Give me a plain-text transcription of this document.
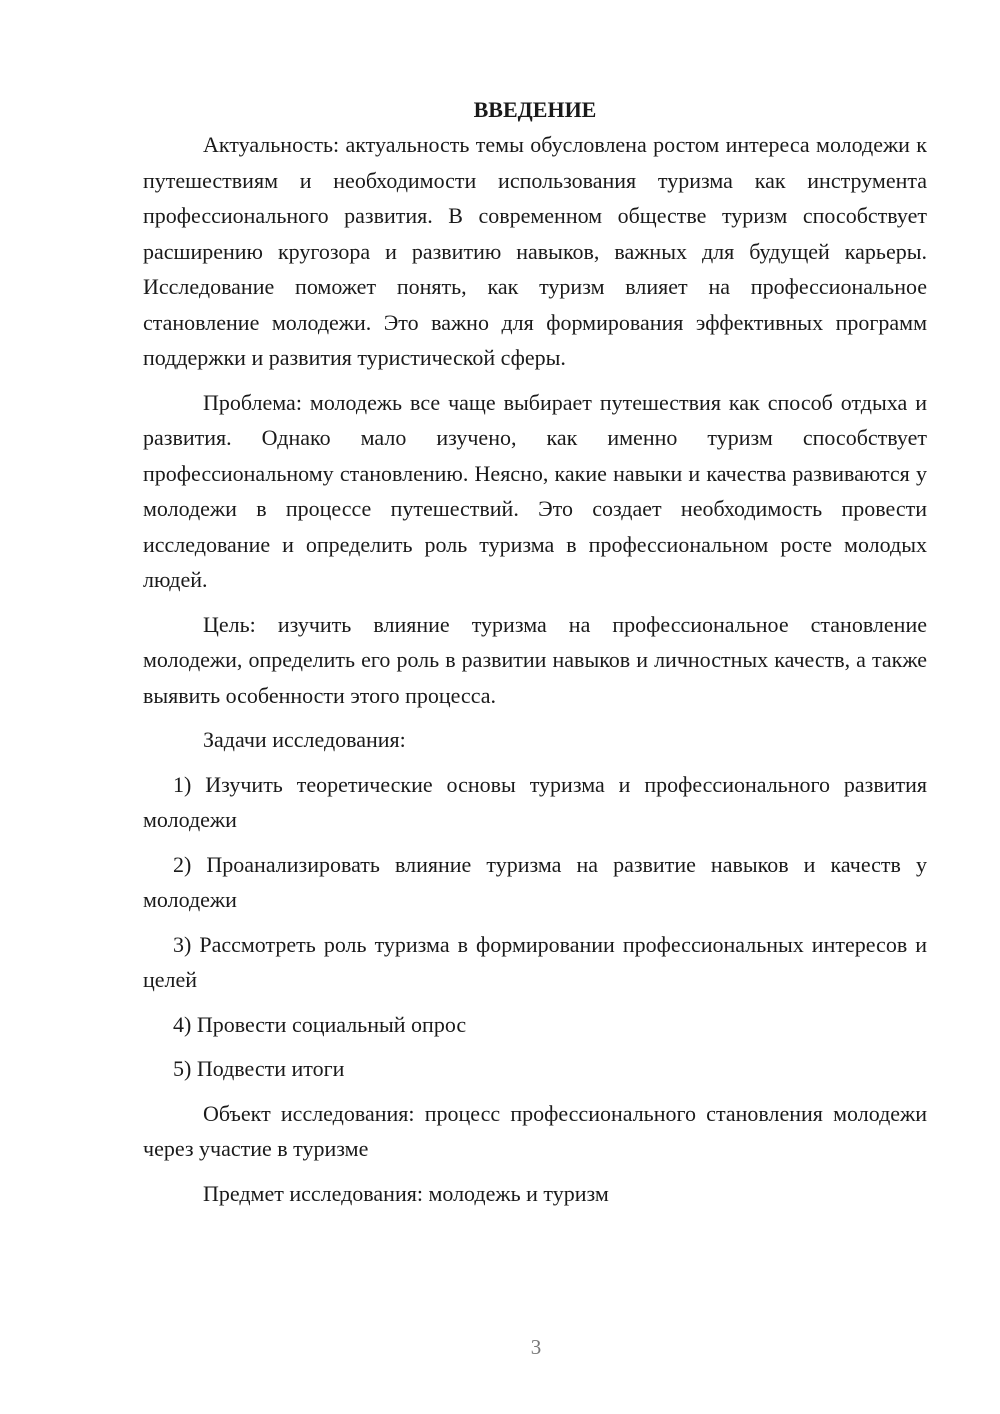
ВВЕДЕНИЕ

Актуальность: актуальность темы обусловлена ростом интереса молодежи к путешествиям и необходимости использования туризма как инструмента профессионального развития. В современном обществе туризм способствует расширению кругозора и развитию навыков, важных для будущей карьеры. Исследование поможет понять, как туризм влияет на профессиональное становление молодежи. Это важно для формирования эффективных программ поддержки и развития туристической сферы.

Проблема: молодежь все чаще выбирает путешествия как способ отдыха и развития. Однако мало изучено, как именно туризм способствует профессиональному становлению. Неясно, какие навыки и качества развиваются у молодежи в процессе путешествий. Это создает необходимость провести исследование и определить роль туризма в профессиональном росте молодых людей.

Цель: изучить влияние туризма на профессиональное становление молодежи, определить его роль в развитии навыков и личностных качеств, а также выявить особенности этого процесса.

Задачи исследования:

1) Изучить теоретические основы туризма и профессионального развития молодежи

2) Проанализировать влияние туризма на развитие навыков и качеств у молодежи

3) Рассмотреть роль туризма в формировании профессиональных интересов и целей

4) Провести социальный опрос

5) Подвести итоги

Объект исследования: процесс профессионального становления молодежи через участие в туризме

Предмет исследования: молодежь и туризм

3
